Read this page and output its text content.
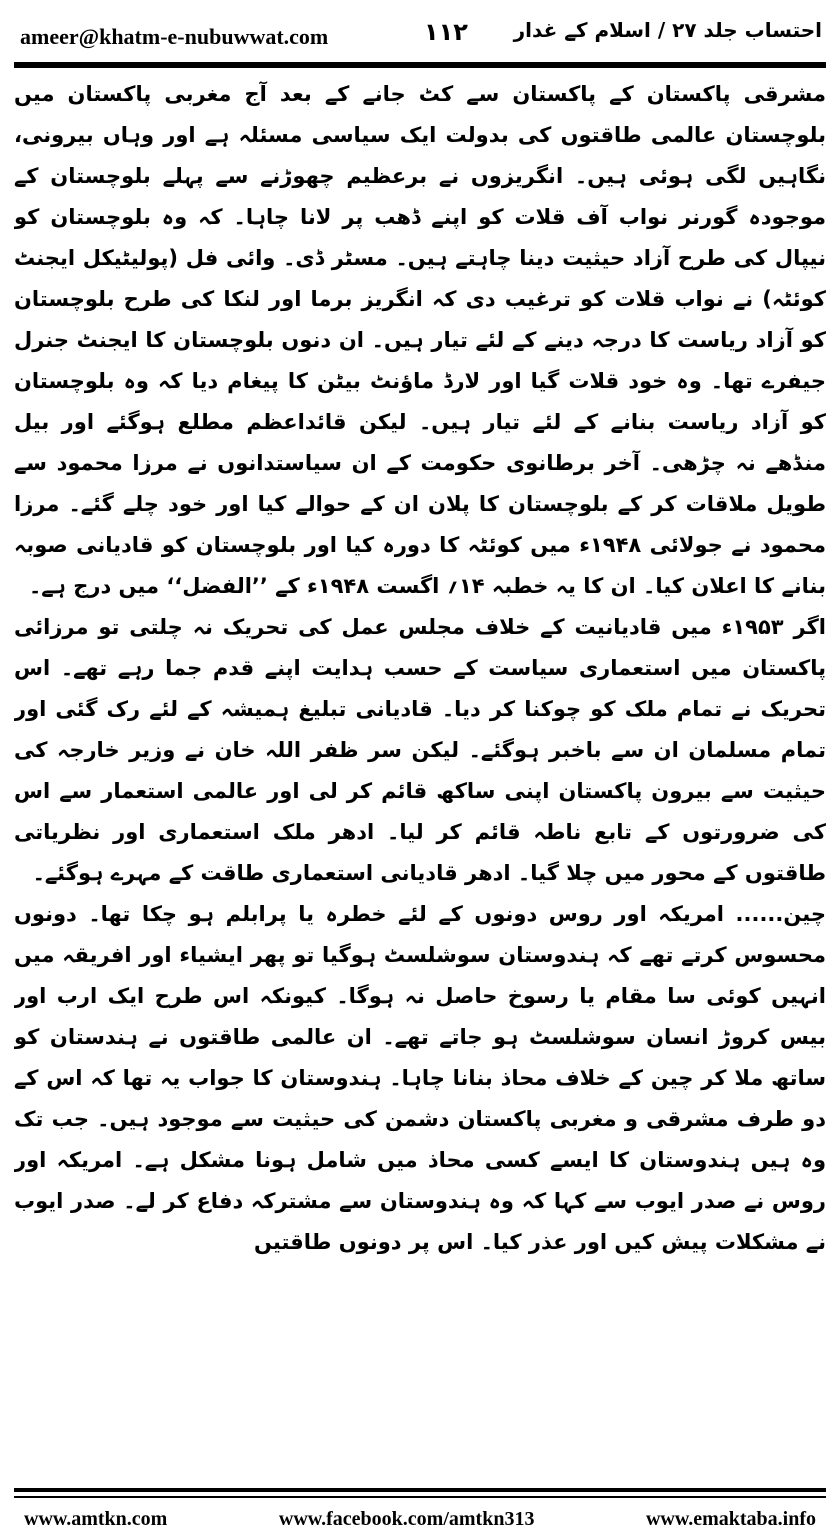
ameer@khatm-e-nubuwwat.com	۱۱۲ احتساب جلد ۲۷ / اسلام کے غدار

مشرقی پاکستان کے پاکستان سے کٹ جانے کے بعد آج مغربی پاکستان میں بلوچستان عالمی طاقتوں کی بدولت ایک سیاسی مسئلہ ہے اور وہاں بیرونی، نگاہیں لگی ہوئی ہیں۔ انگریزوں نے برعظیم چھوڑنے سے پہلے بلوچستان کے موجودہ گورنر نواب آف قلات کو اپنے ڈھب پر لانا چاہا۔ کہ وہ بلوچستان کو نیپال کی طرح آزاد حیثیت دینا چاہتے ہیں۔ مسٹر ڈی۔ وائی فل (پولیٹیکل ایجنٹ کوئٹہ) نے نواب قلات کو ترغیب دی کہ انگریز برما اور لنکا کی طرح بلوچستان کو آزاد ریاست کا درجہ دینے کے لئے تیار ہیں۔ ان دنوں بلوچستان کا ایجنٹ جنرل جیفرے تھا۔ وہ خود قلات گیا اور لارڈ ماؤنٹ بیٹن کا پیغام دیا کہ وہ بلوچستان کو آزاد ریاست بنانے کے لئے تیار ہیں۔ لیکن قائداعظم مطلع ہوگئے اور بیل منڈھے نہ چڑھی۔ آخر برطانوی حکومت کے ان سیاستدانوں نے مرزا محمود سے طویل ملاقات کر کے بلوچستان کا پلان ان کے حوالے کیا اور خود چلے گئے۔ مرزا محمود نے جولائی ۱۹۴۸ء میں کوئٹہ کا دورہ کیا اور بلوچستان کو قادیانی صوبہ بنانے کا اعلان کیا۔ ان کا یہ خطبہ ۱۴؍ اگست ۱۹۴۸ء کے ’’الفضل‘‘ میں درج ہے۔

اگر ۱۹۵۳ء میں قادیانیت کے خلاف مجلس عمل کی تحریک نہ چلتی تو مرزائی پاکستان میں استعماری سیاست کے حسب ہدایت اپنے قدم جما رہے تھے۔ اس تحریک نے تمام ملک کو چوکنا کر دیا۔ قادیانی تبلیغ ہمیشہ کے لئے رک گئی اور تمام مسلمان ان سے باخبر ہوگئے۔ لیکن سر ظفر اللہ خان نے وزیر خارجہ کی حیثیت سے بیرون پاکستان اپنی ساکھ قائم کر لی اور عالمی استعمار سے اس کی ضرورتوں کے تابع ناطہ قائم کر لیا۔ ادھر ملک استعماری اور نظریاتی طاقتوں کے محور میں چلا گیا۔ ادھر قادیانی استعماری طاقت کے مہرے ہوگئے۔

چین...... امریکہ اور روس دونوں کے لئے خطرہ یا پرابلم ہو چکا تھا۔ دونوں محسوس کرتے تھے کہ ہندوستان سوشلسٹ ہوگیا تو پھر ایشیاء اور افریقہ میں انہیں کوئی سا مقام یا رسوخ حاصل نہ ہوگا۔ کیونکہ اس طرح ایک ارب اور بیس کروڑ انسان سوشلسٹ ہو جاتے تھے۔ ان عالمی طاقتوں نے ہندستان کو ساتھ ملا کر چین کے خلاف محاذ بنانا چاہا۔ ہندوستان کا جواب یہ تھا کہ اس کے دو طرف مشرقی و مغربی پاکستان دشمن کی حیثیت سے موجود ہیں۔ جب تک وہ ہیں ہندوستان کا ایسے کسی محاذ میں شامل ہونا مشکل ہے۔ امریکہ اور روس نے صدر ایوب سے کہا کہ وہ ہندوستان سے مشترکہ دفاع کر لے۔ صدر ایوب نے مشکلات پیش کیں اور عذر کیا۔ اس پر دونوں طاقتیں

www.amtkn.com	www.facebook.com/amtkn313	www.emaktaba.info
